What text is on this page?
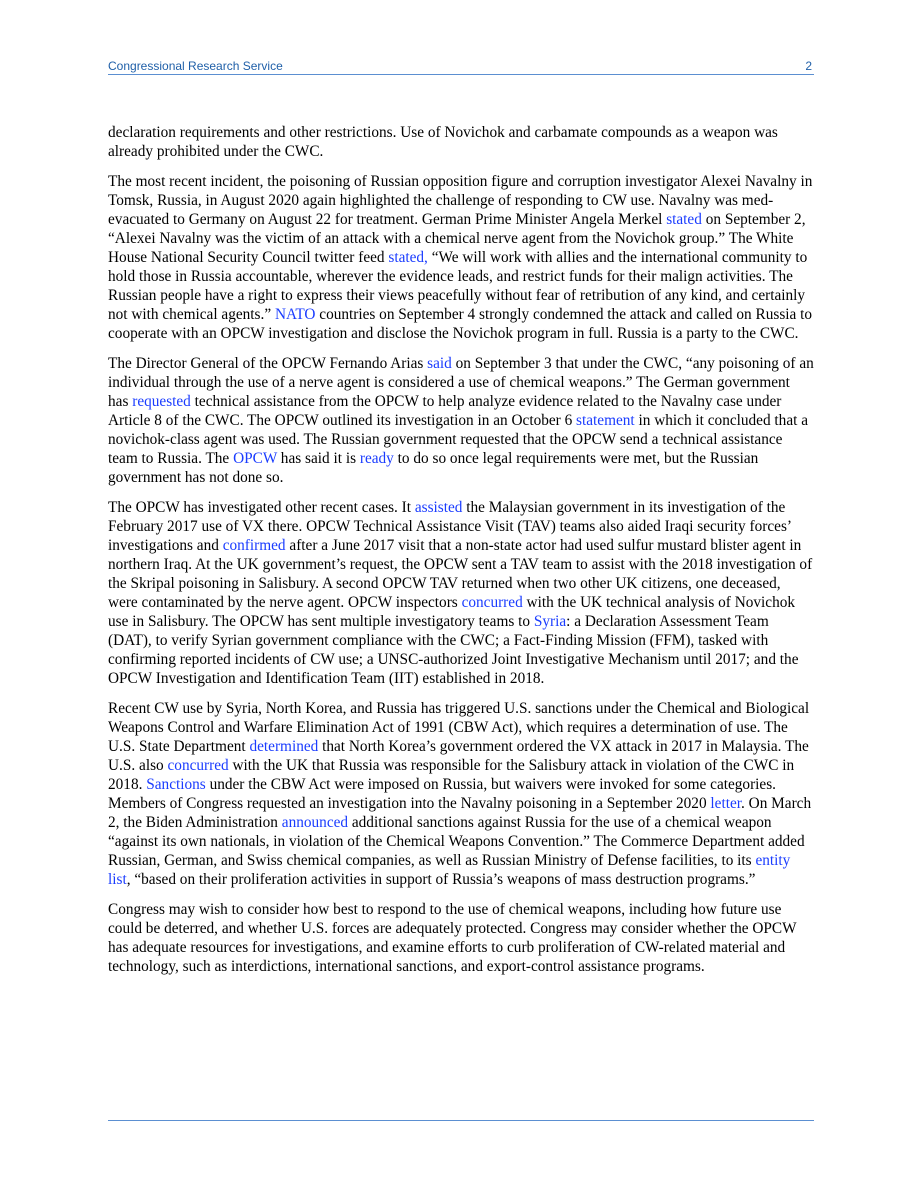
Congressional Research Service	2

declaration requirements and other restrictions. Use of Novichok and carbamate compounds as a weapon was already prohibited under the CWC.

The most recent incident, the poisoning of Russian opposition figure and corruption investigator Alexei Navalny in Tomsk, Russia, in August 2020 again highlighted the challenge of responding to CW use. Navalny was med-evacuated to Germany on August 22 for treatment. German Prime Minister Angela Merkel stated on September 2, “Alexei Navalny was the victim of an attack with a chemical nerve agent from the Novichok group.” The White House National Security Council twitter feed stated, “We will work with allies and the international community to hold those in Russia accountable, wherever the evidence leads, and restrict funds for their malign activities. The Russian people have a right to express their views peacefully without fear of retribution of any kind, and certainly not with chemical agents.” NATO countries on September 4 strongly condemned the attack and called on Russia to cooperate with an OPCW investigation and disclose the Novichok program in full. Russia is a party to the CWC.

The Director General of the OPCW Fernando Arias said on September 3 that under the CWC, “any poisoning of an individual through the use of a nerve agent is considered a use of chemical weapons.” The German government has requested technical assistance from the OPCW to help analyze evidence related to the Navalny case under Article 8 of the CWC. The OPCW outlined its investigation in an October 6 statement in which it concluded that a novichok-class agent was used. The Russian government requested that the OPCW send a technical assistance team to Russia. The OPCW has said it is ready to do so once legal requirements were met, but the Russian government has not done so.

The OPCW has investigated other recent cases. It assisted the Malaysian government in its investigation of the February 2017 use of VX there. OPCW Technical Assistance Visit (TAV) teams also aided Iraqi security forces’ investigations and confirmed after a June 2017 visit that a non-state actor had used sulfur mustard blister agent in northern Iraq. At the UK government’s request, the OPCW sent a TAV team to assist with the 2018 investigation of the Skripal poisoning in Salisbury. A second OPCW TAV returned when two other UK citizens, one deceased, were contaminated by the nerve agent. OPCW inspectors concurred with the UK technical analysis of Novichok use in Salisbury. The OPCW has sent multiple investigatory teams to Syria: a Declaration Assessment Team (DAT), to verify Syrian government compliance with the CWC; a Fact-Finding Mission (FFM), tasked with confirming reported incidents of CW use; a UNSC-authorized Joint Investigative Mechanism until 2017; and the OPCW Investigation and Identification Team (IIT) established in 2018.

Recent CW use by Syria, North Korea, and Russia has triggered U.S. sanctions under the Chemical and Biological Weapons Control and Warfare Elimination Act of 1991 (CBW Act), which requires a determination of use. The U.S. State Department determined that North Korea’s government ordered the VX attack in 2017 in Malaysia. The U.S. also concurred with the UK that Russia was responsible for the Salisbury attack in violation of the CWC in 2018. Sanctions under the CBW Act were imposed on Russia, but waivers were invoked for some categories. Members of Congress requested an investigation into the Navalny poisoning in a September 2020 letter. On March 2, the Biden Administration announced additional sanctions against Russia for the use of a chemical weapon “against its own nationals, in violation of the Chemical Weapons Convention.” The Commerce Department added Russian, German, and Swiss chemical companies, as well as Russian Ministry of Defense facilities, to its entity list, “based on their proliferation activities in support of Russia’s weapons of mass destruction programs.”

Congress may wish to consider how best to respond to the use of chemical weapons, including how future use could be deterred, and whether U.S. forces are adequately protected. Congress may consider whether the OPCW has adequate resources for investigations, and examine efforts to curb proliferation of CW-related material and technology, such as interdictions, international sanctions, and export-control assistance programs.
